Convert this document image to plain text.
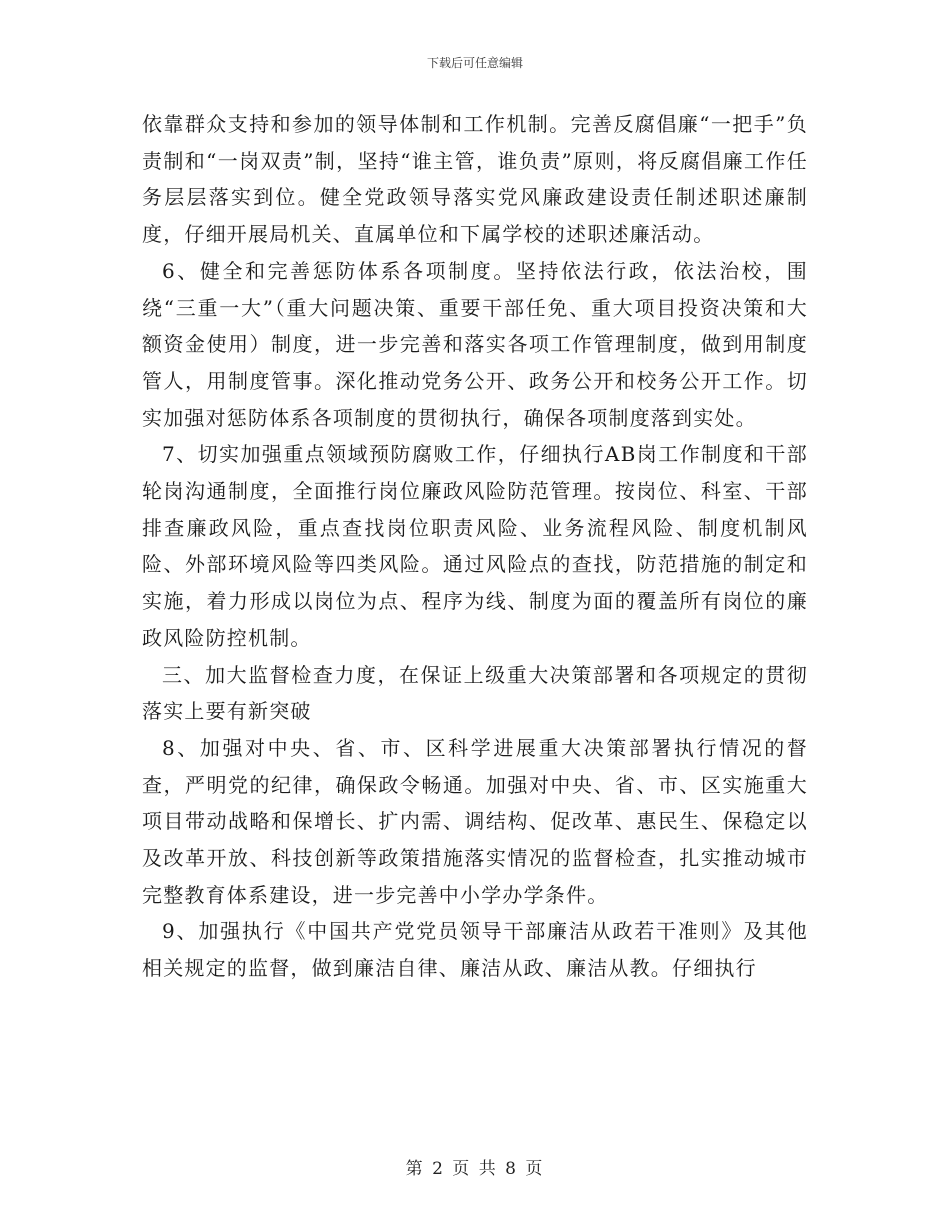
下载后可任意编辑

依靠群众支持和参加的领导体制和工作机制。完善反腐倡廉“一把手”负责制和“一岗双责”制，坚持“谁主管，谁负责”原则，将反腐倡廉工作任务层层落实到位。健全党政领导落实党风廉政建设责任制述职述廉制度，仔细开展局机关、直属单位和下属学校的述职述廉活动。

6、健全和完善惩防体系各项制度。坚持依法行政，依法治校，围绕“三重一大”（重大问题决策、重要干部任免、重大项目投资决策和大额资金使用）制度，进一步完善和落实各项工作管理制度，做到用制度管人，用制度管事。深化推动党务公开、政务公开和校务公开工作。切实加强对惩防体系各项制度的贯彻执行，确保各项制度落到实处。

7、切实加强重点领域预防腐败工作，仔细执行AB岗工作制度和干部轮岗沟通制度，全面推行岗位廉政风险防范管理。按岗位、科室、干部排查廉政风险，重点查找岗位职责风险、业务流程风险、制度机制风险、外部环境风险等四类风险。通过风险点的查找，防范措施的制定和实施，着力形成以岗位为点、程序为线、制度为面的覆盖所有岗位的廉政风险防控机制。

三、加大监督检查力度，在保证上级重大决策部署和各项规定的贯彻落实上要有新突破

8、加强对中央、省、市、区科学进展重大决策部署执行情况的督查，严明党的纪律，确保政令畅通。加强对中央、省、市、区实施重大项目带动战略和保增长、扩内需、调结构、促改革、惠民生、保稳定以及改革开放、科技创新等政策措施落实情况的监督检查，扎实推动城市完整教育体系建设，进一步完善中小学办学条件。

9、加强执行《中国共产党党员领导干部廉洁从政若干准则》及其他相关规定的监督，做到廉洁自律、廉洁从政、廉洁从教。仔细执行

第 2 页 共 8 页
